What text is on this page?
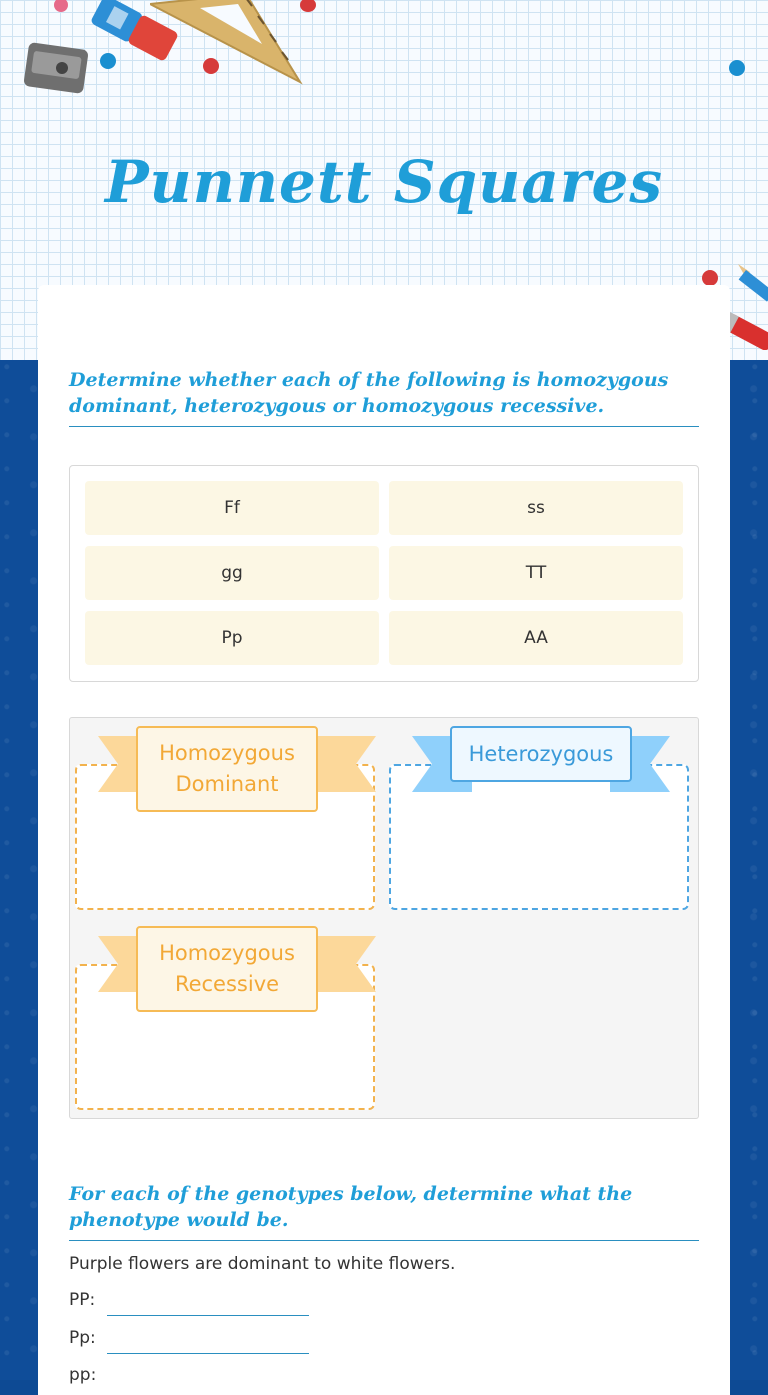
Punnett Squares
Determine whether each of the following is homozygous dominant, heterozygous or homozygous recessive.
Ff	ss
gg	TT
Pp	AA
Homozygous
Dominant
Heterozygous
Homozygous
Recessive
For each of the genotypes below, determine what the phenotype would be.
Purple flowers are dominant to white flowers.
PP:
Pp:
pp:
